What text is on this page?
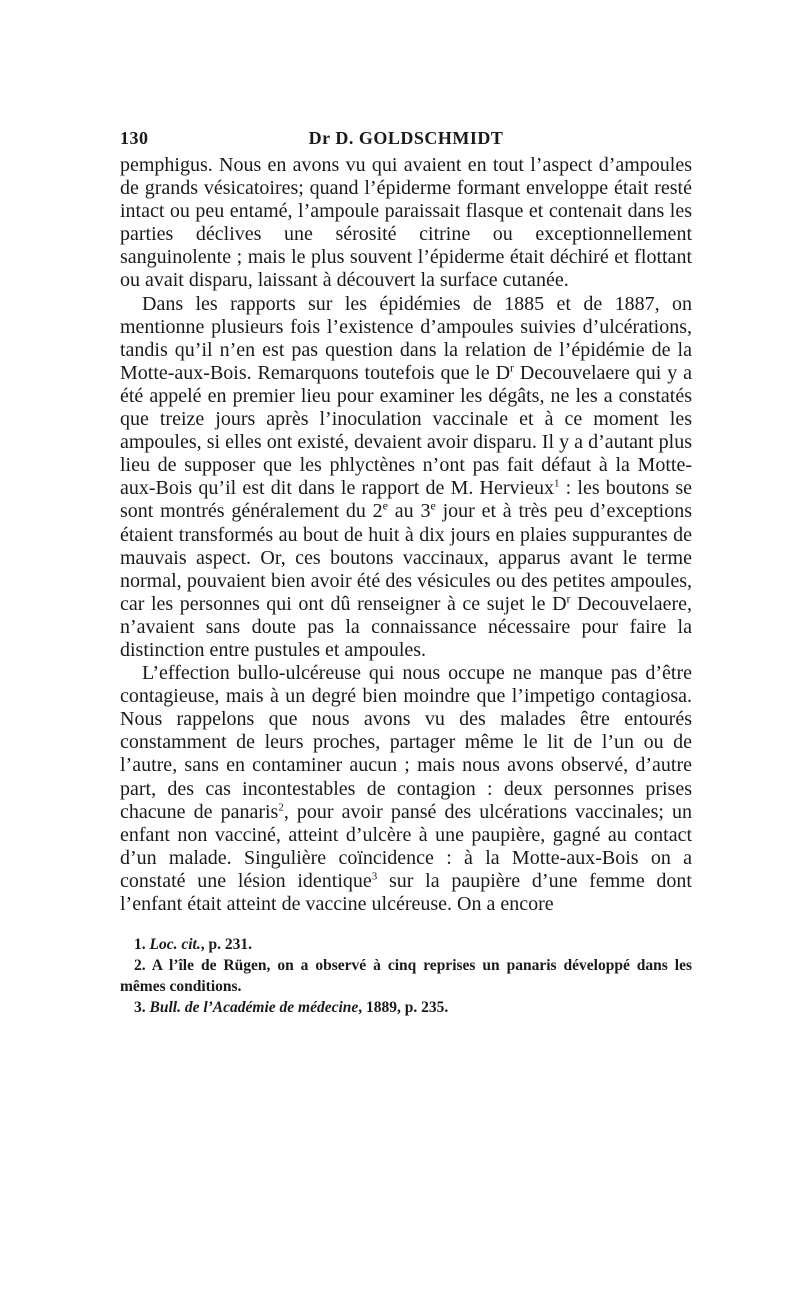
130	Dr D. GOLDSCHMIDT

pemphigus. Nous en avons vu qui avaient en tout l’aspect d’ampoules de grands vésicatoires; quand l’épiderme formant enveloppe était resté intact ou peu entamé, l’ampoule paraissait flasque et contenait dans les parties déclives une sérosité citrine ou exceptionnellement sanguinolente ; mais le plus souvent l’épiderme était déchiré et flottant ou avait disparu, laissant à découvert la surface cutanée.

Dans les rapports sur les épidémies de 1885 et de 1887, on mentionne plusieurs fois l’existence d’ampoules suivies d’ulcérations, tandis qu’il n’en est pas question dans la relation de l’épidémie de la Motte-aux-Bois. Remarquons toutefois que le $D^r$ Decouvelaere qui y a été appelé en premier lieu pour examiner les dégâts, ne les a constatés que treize jours après l’inoculation vaccinale et à ce moment les ampoules, si elles ont existé, devaient avoir disparu. Il y a d’autant plus lieu de supposer que les phlyctènes n’ont pas fait défaut à la Motte-aux-Bois qu’il est dit dans le rapport de M. Hervieux$^1$ : les boutons se sont montrés généralement du 2e au 3e jour et à très peu d’exceptions étaient transformés au bout de huit à dix jours en plaies suppurantes de mauvais aspect. Or, ces boutons vaccinaux, apparus avant le terme normal, pouvaient bien avoir été des vésicules ou des petites ampoules, car les personnes qui ont dû renseigner à ce sujet le $D^r$ Decouvelaere, n’avaient sans doute pas la connaissance nécessaire pour faire la distinction entre pustules et ampoules.

L’effection bullo-ulcéreuse qui nous occupe ne manque pas d’être contagieuse, mais à un degré bien moindre que l’impetigo contagiosa. Nous rappelons que nous avons vu des malades être entourés constamment de leurs proches, partager même le lit de l’un ou de l’autre, sans en contaminer aucun ; mais nous avons observé, d’autre part, des cas incontestables de contagion : deux personnes prises chacune de panaris$^2$, pour avoir pansé des ulcérations vaccinales; un enfant non vacciné, atteint d’ulcère à une paupière, gagné au contact d’un malade. Singulière coïncidence : à la Motte-aux-Bois on a constaté une lésion identique$^3$ sur la paupière d’une femme dont l’enfant était atteint de vaccine ulcéreuse. On a encore

1. Loc. cit., p. 231.

2. A l’île de Rügen, on a observé à cinq reprises un panaris développé dans les mêmes conditions.

3. Bull. de l’Académie de médecine, 1889, p. 235.
